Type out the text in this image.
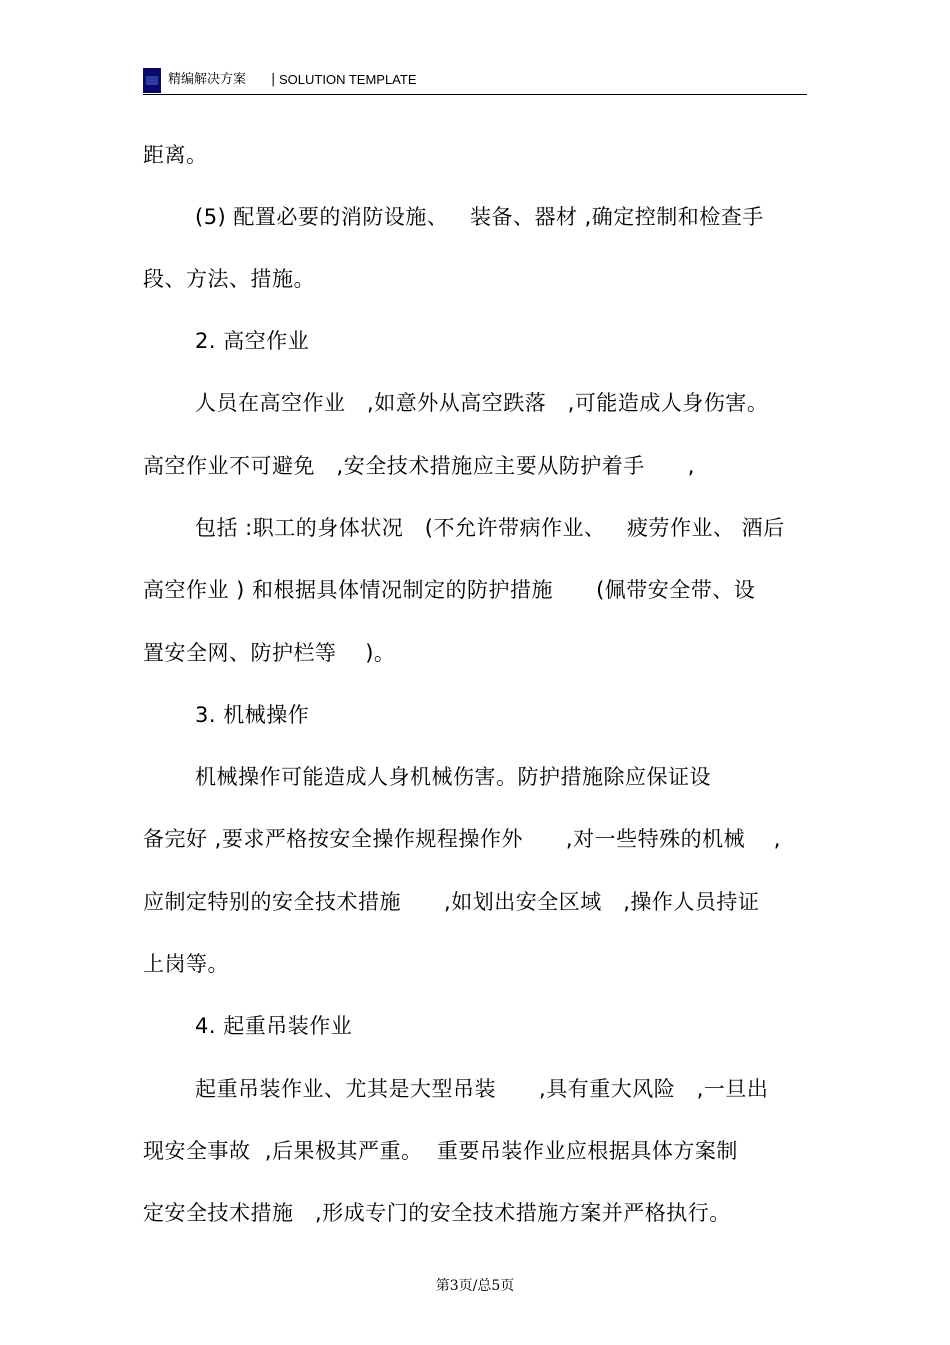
精编解决方案 | SOLUTION TEMPLATE
距离。
(5) 配置必要的消防设施、   装备、器材 ,确定控制和检查手
段、方法、措施。
2. 高空作业
人员在高空作业   ,如意外从高空跌落   ,可能造成人身伤害。
高空作业不可避免   ,安全技术措施应主要从防护着手      ,
包括 :职工的身体状况   (不允许带病作业、   疲劳作业、 酒后
高空作业 ) 和根据具体情况制定的防护措施      (佩带安全带、设
置安全网、防护栏等    )。
3. 机械操作
机械操作可能造成人身机械伤害。防护措施除应保证设
备完好 ,要求严格按安全操作规程操作外      ,对一些特殊的机械    ,
应制定特别的安全技术措施      ,如划出安全区域   ,操作人员持证
上岗等。
4. 起重吊装作业
起重吊装作业、尤其是大型吊装      ,具有重大风险   ,一旦出
现安全事故  ,后果极其严重。  重要吊装作业应根据具体方案制
定安全技术措施   ,形成专门的安全技术措施方案并严格执行。
第3页/总5页
